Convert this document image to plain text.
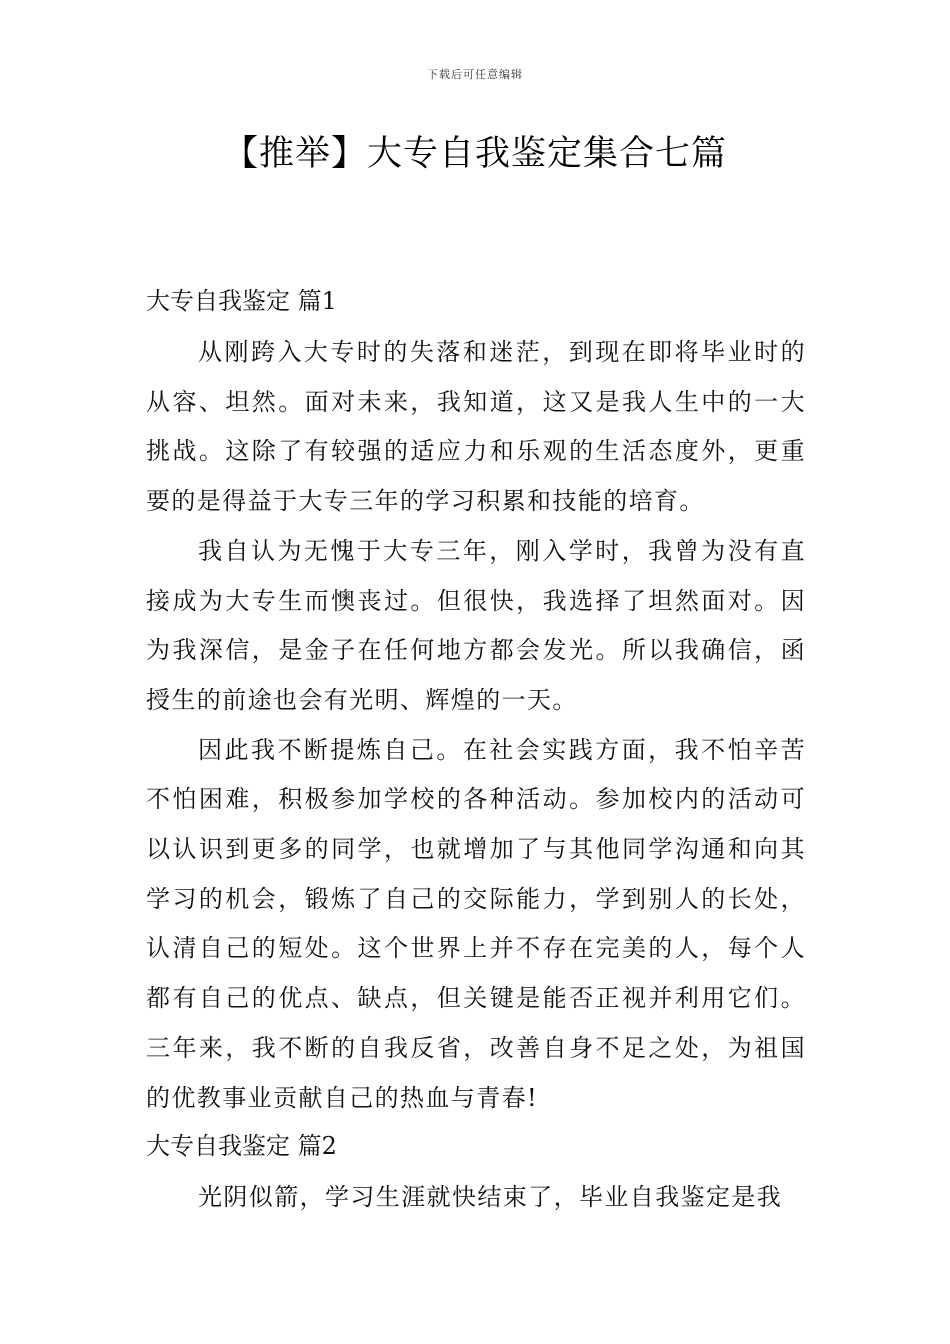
下载后可任意编辑
【推举】大专自我鉴定集合七篇
大专自我鉴定 篇1

从刚跨入大专时的失落和迷茫，到现在即将毕业时的从容、坦然。面对未来，我知道，这又是我人生中的一大挑战。这除了有较强的适应力和乐观的生活态度外，更重要的是得益于大专三年的学习积累和技能的培育。

我自认为无愧于大专三年，刚入学时，我曾为没有直接成为大专生而懊丧过。但很快，我选择了坦然面对。因为我深信，是金子在任何地方都会发光。所以我确信，函授生的前途也会有光明、辉煌的一天。

因此我不断提炼自己。在社会实践方面，我不怕辛苦不怕困难，积极参加学校的各种活动。参加校内的活动可以认识到更多的同学，也就增加了与其他同学沟通和向其学习的机会，锻炼了自己的交际能力，学到别人的长处，认清自己的短处。这个世界上并不存在完美的人，每个人都有自己的优点、缺点，但关键是能否正视并利用它们。三年来，我不断的自我反省，改善自身不足之处，为祖国的优教事业贡献自己的热血与青春!

大专自我鉴定 篇2

光阴似箭，学习生涯就快结束了，毕业自我鉴定是我
